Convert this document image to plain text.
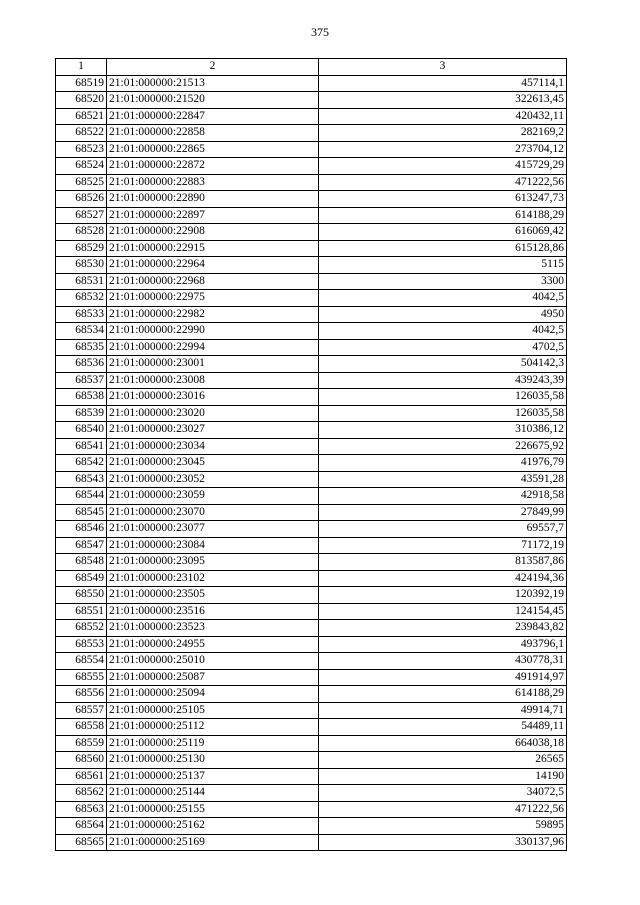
375
1	2	3
68519	21:01:000000:21513	457114,1
68520	21:01:000000:21520	322613,45
68521	21:01:000000:22847	420432,11
68522	21:01:000000:22858	282169,2
68523	21:01:000000:22865	273704,12
68524	21:01:000000:22872	415729,29
68525	21:01:000000:22883	471222,56
68526	21:01:000000:22890	613247,73
68527	21:01:000000:22897	614188,29
68528	21:01:000000:22908	616069,42
68529	21:01:000000:22915	615128,86
68530	21:01:000000:22964	5115
68531	21:01:000000:22968	3300
68532	21:01:000000:22975	4042,5
68533	21:01:000000:22982	4950
68534	21:01:000000:22990	4042,5
68535	21:01:000000:22994	4702,5
68536	21:01:000000:23001	504142,3
68537	21:01:000000:23008	439243,39
68538	21:01:000000:23016	126035,58
68539	21:01:000000:23020	126035,58
68540	21:01:000000:23027	310386,12
68541	21:01:000000:23034	226675,92
68542	21:01:000000:23045	41976,79
68543	21:01:000000:23052	43591,28
68544	21:01:000000:23059	42918,58
68545	21:01:000000:23070	27849,99
68546	21:01:000000:23077	69557,7
68547	21:01:000000:23084	71172,19
68548	21:01:000000:23095	813587,86
68549	21:01:000000:23102	424194,36
68550	21:01:000000:23505	120392,19
68551	21:01:000000:23516	124154,45
68552	21:01:000000:23523	239843,82
68553	21:01:000000:24955	493796,1
68554	21:01:000000:25010	430778,31
68555	21:01:000000:25087	491914,97
68556	21:01:000000:25094	614188,29
68557	21:01:000000:25105	49914,71
68558	21:01:000000:25112	54489,11
68559	21:01:000000:25119	664038,18
68560	21:01:000000:25130	26565
68561	21:01:000000:25137	14190
68562	21:01:000000:25144	34072,5
68563	21:01:000000:25155	471222,56
68564	21:01:000000:25162	59895
68565	21:01:000000:25169	330137,96
